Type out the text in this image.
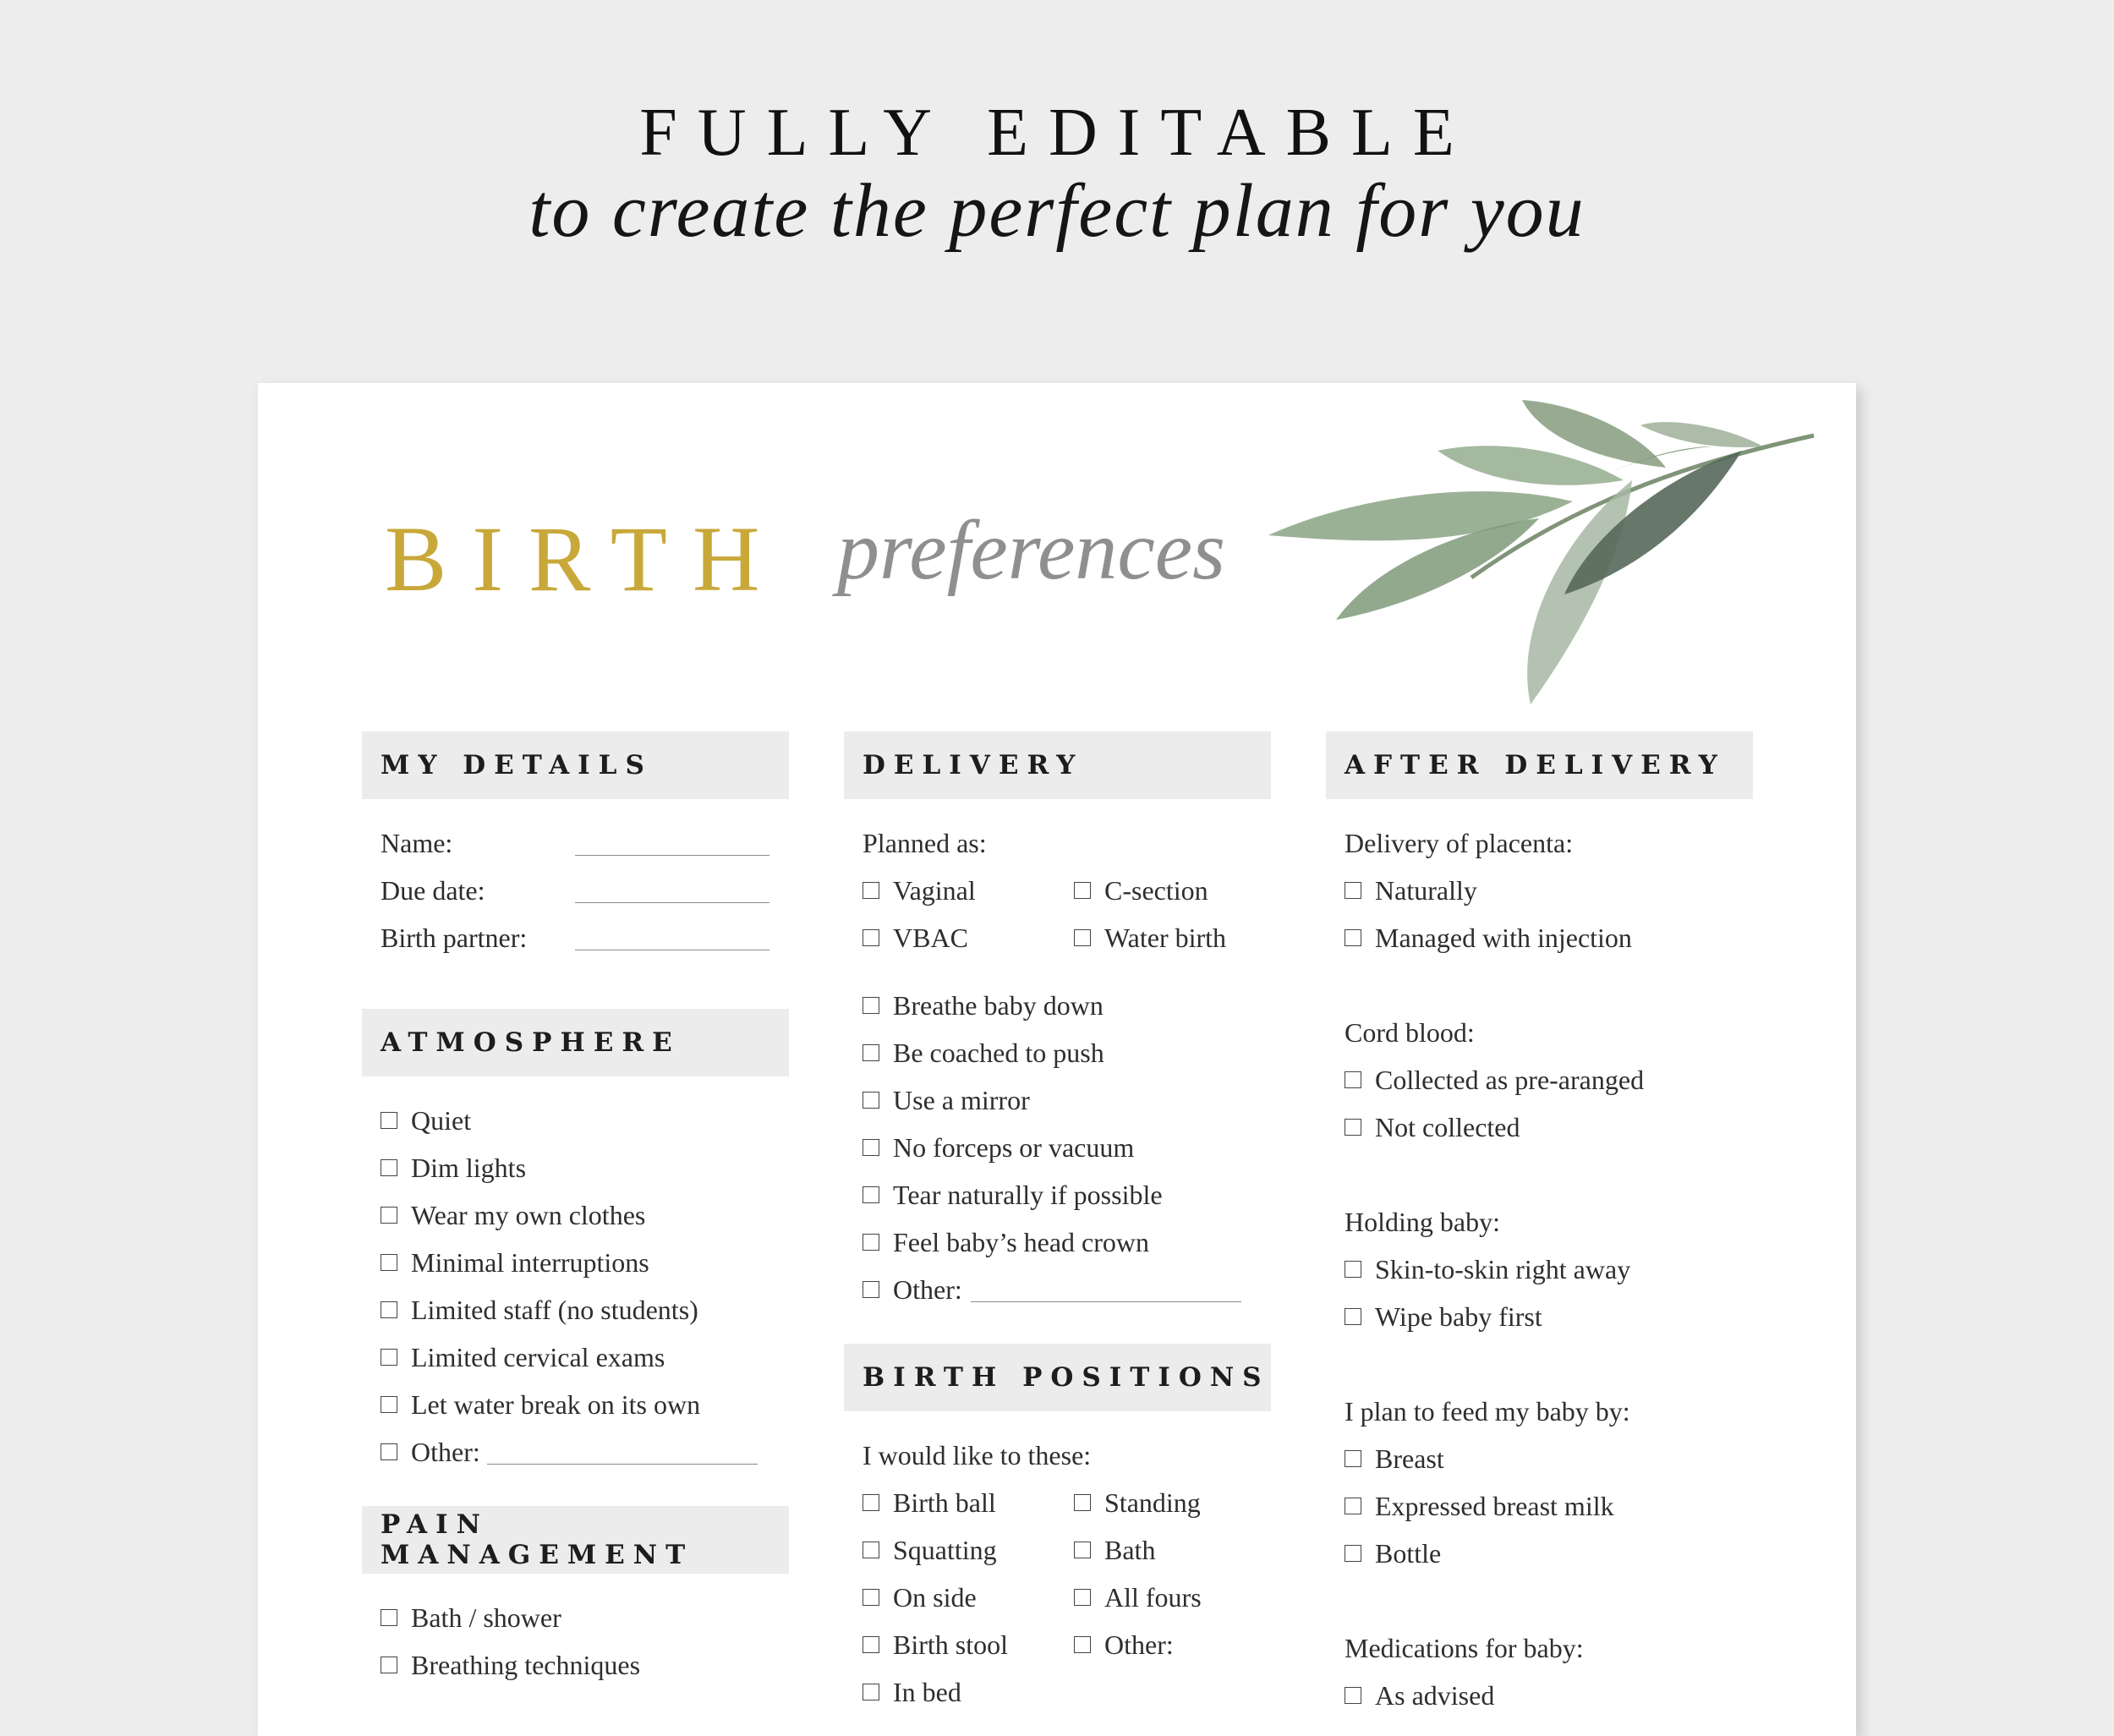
FULLY EDITABLE
to create the perfect plan for you
BIRTH preferences
MY DETAILS
Name:
Due date:
Birth partner:
ATMOSPHERE
Quiet
Dim lights
Wear my own clothes
Minimal interruptions
Limited staff (no students)
Limited cervical exams
Let water break on its own
Other:
PAIN MANAGEMENT
Bath / shower
Breathing techniques
DELIVERY
Planned as:
Vaginal	C-section
VBAC	Water birth
Breathe baby down
Be coached to push
Use a mirror
No forceps or vacuum
Tear naturally if possible
Feel baby’s head crown
Other:
BIRTH POSITIONS
I would like to these:
Birth ball	Standing
Squatting	Bath
On side	All fours
Birth stool	Other:
In bed
AFTER DELIVERY
Delivery of placenta:
Naturally
Managed with injection
Cord blood:
Collected as pre-aranged
Not collected
Holding baby:
Skin-to-skin right away
Wipe baby first
I plan to feed my baby by:
Breast
Expressed breast milk
Bottle
Medications for baby:
As advised
